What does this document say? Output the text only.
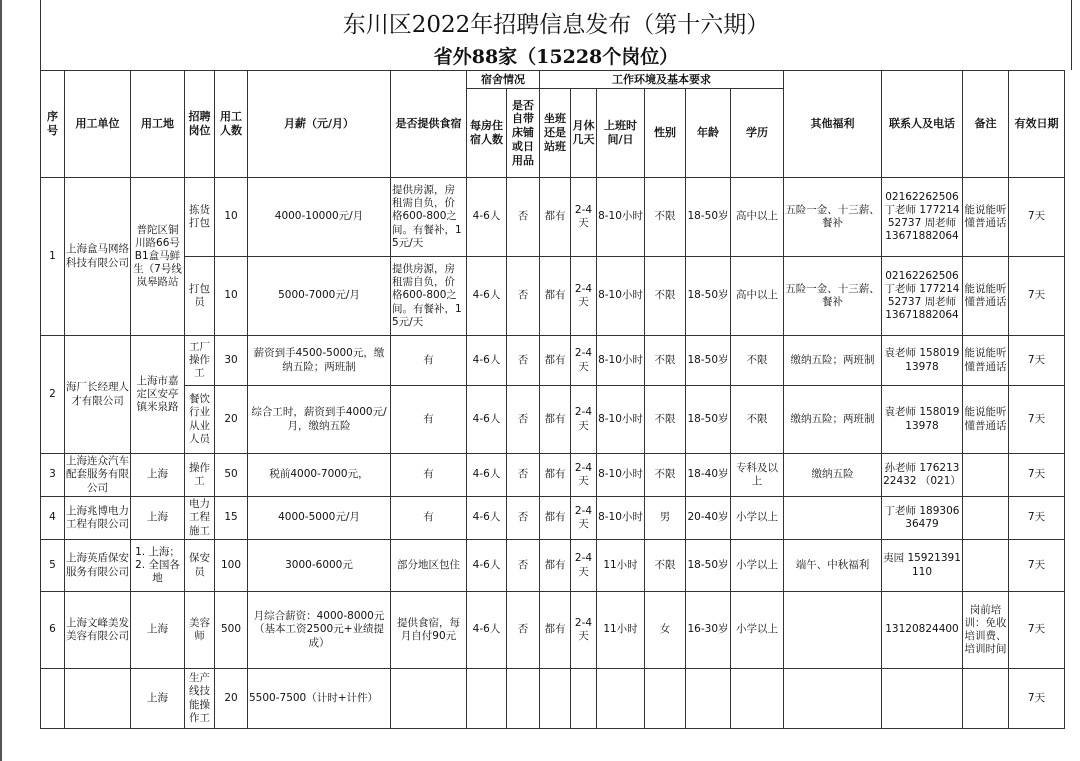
东川区2022年招聘信息发布（第十六期）
省外88家（15228个岗位）
序号	用工单位	用工地	招聘岗位	用工人数	月薪（元/月）	是否提供食宿	宿舍情况		工作环境及基本要求						其他福利	联系人及电话	备注	有效日期
							每房住宿人数	是否自带床铺或日用品	坐班还是站班	月休几天	上班时间/日	性别	年龄	学历				
1	上海盒马网络科技有限公司	普陀区铜川路66号B1盒马鲜生（7号线岚皋路站	拣货打包	10	4000-10000元/月	提供房源，房租需自负，价格600-800之间。有餐补，15元/天	4-6人	否	都有	2-4天	8-10小时	不限	18-50岁	高中以上	五险一金、十三薪、餐补	02162262506 丁老师 17721452737 周老师 13671882064	能说能听懂普通话	7天
			打包员	10	5000-7000元/月	提供房源，房租需自负，价格600-800之间。有餐补，15元/天	4-6人	否	都有	2-4天	8-10小时	不限	18-50岁	高中以上	五险一金、十三薪、餐补	02162262506 丁老师 17721452737 周老师 13671882064	能说能听懂普通话	7天
2	海厂长经理人才有限公司	上海市嘉定区安亭镇米泉路	工厂操作工	30	薪资到手4500-5000元，缴纳五险；两班制	有	4-6人	否	都有	2-4天	8-10小时	不限	18-50岁	不限	缴纳五险；两班制	袁老师 15801913978	能说能听懂普通话	7天
			餐饮行业从业人员	20	综合工时，薪资到手4000元/月，缴纳五险	有	4-6人	否	都有	2-4天	8-10小时	不限	18-50岁	不限	缴纳五险；两班制	袁老师 15801913978	能说能听懂普通话	7天
3	上海连众汽车配套服务有限公司	上海	操作工	50	税前4000-7000元，	有	4-6人	否	都有	2-4天	8-10小时	不限	18-40岁	专科及以上	缴纳五险	孙老师 17621322432 （021）		7天
4	上海兆博电力工程有限公司	上海	电力工程施工	15	4000-5000元/月	有	4-6人	否	都有	2-4天	8-10小时	男	20-40岁	小学以上		丁老师 18930636479		7天
5	上海英盾保安服务有限公司	1. 上海；2. 全国各地	保安员	100	3000-6000元	部分地区包住	4-6人	否	都有	2-4天	11小时	不限	18-50岁	小学以上	端午、中秋福利	夷园 15921391110		7天
6	上海文峰美发美容有限公司	上海	美容师	500	月综合薪资：4000-8000元（基本工资2500元+业绩提成）	提供食宿，每月自付90元	4-6人	否	都有	2-4天	11小时	女	16-30岁	小学以上		13120824400	岗前培训：免收培训费、培训时间	7天
		上海	生产线技能操作工	20	5500-7500（计时+计件）													7天
